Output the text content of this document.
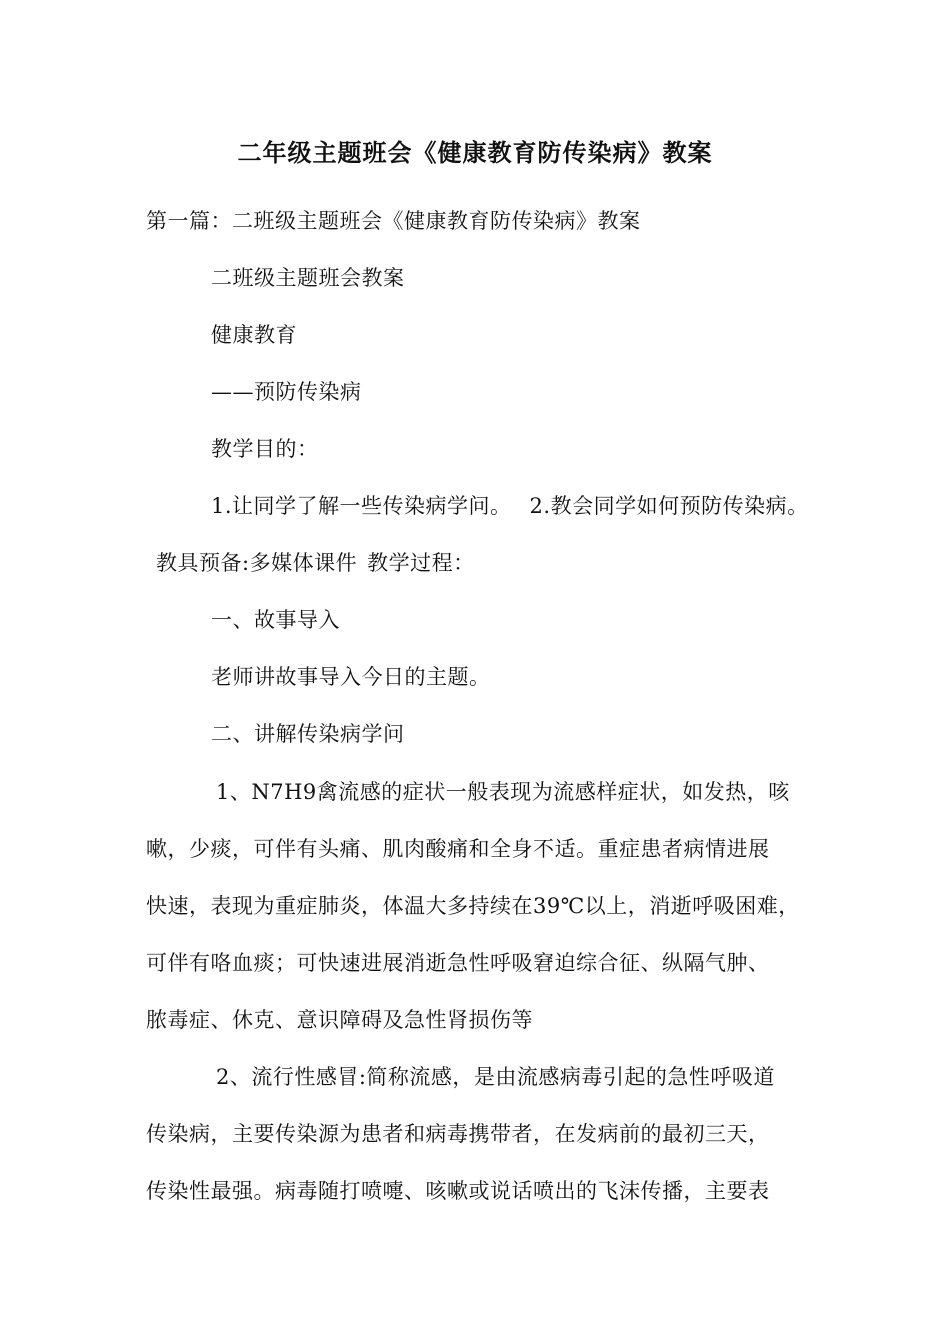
二年级主题班会《健康教育防传染病》教案
第一篇：二班级主题班会《健康教育防传染病》教案
二班级主题班会教案
健康教育
——预防传染病
教学目的：
1.让同学了解一些传染病学问。 2.教会同学如何预防传染病。
教具预备:多媒体课件 教学过程：
一、故事导入
老师讲故事导入今日的主题。
二、讲解传染病学问
1、N7H9禽流感的症状一般表现为流感样症状，如发热，咳
嗽，少痰，可伴有头痛、肌肉酸痛和全身不适。重症患者病情进展
快速，表现为重症肺炎，体温大多持续在39℃以上，消逝呼吸困难，
可伴有咯血痰；可快速进展消逝急性呼吸窘迫综合征、纵隔气肿、
脓毒症、休克、意识障碍及急性肾损伤等
2、流行性感冒:简称流感，是由流感病毒引起的急性呼吸道
传染病，主要传染源为患者和病毒携带者，在发病前的最初三天，
传染性最强。病毒随打喷嚏、咳嗽或说话喷出的飞沫传播，主要表
